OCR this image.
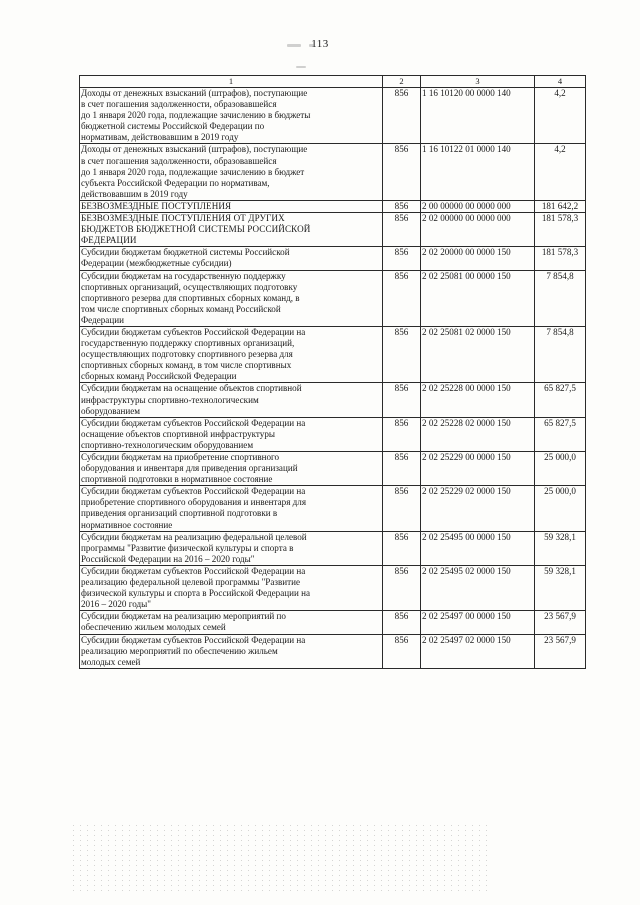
113
1	2	3	4
Доходы от денежных взысканий (штрафов), поступающие
в счет погашения задолженности, образовавшейся
до 1 января 2020 года, подлежащие зачислению в бюджеты
бюджетной системы Российской Федерации по
нормативам, действовавшим в 2019 году	856	1 16 10120 00 0000 140	4,2
Доходы от денежных взысканий (штрафов), поступающие
в счет погашения задолженности, образовавшейся
до 1 января 2020 года, подлежащие зачислению в бюджет
субъекта Российской Федерации по нормативам,
действовавшим в 2019 году	856	1 16 10122 01 0000 140	4,2
БЕЗВОЗМЕЗДНЫЕ ПОСТУПЛЕНИЯ	856	2 00 00000 00 0000 000	181 642,2
БЕЗВОЗМЕЗДНЫЕ ПОСТУПЛЕНИЯ ОТ ДРУГИХ
БЮДЖЕТОВ БЮДЖЕТНОЙ СИСТЕМЫ РОССИЙСКОЙ
ФЕДЕРАЦИИ	856	2 02 00000 00 0000 000	181 578,3
Субсидии бюджетам бюджетной системы Российской
Федерации (межбюджетные субсидии)	856	2 02 20000 00 0000 150	181 578,3
Субсидии бюджетам на государственную поддержку
спортивных организаций, осуществляющих подготовку
спортивного резерва для спортивных сборных команд, в
том числе спортивных сборных команд Российской
Федерации	856	2 02 25081 00 0000 150	7 854,8
Субсидии бюджетам субъектов Российской Федерации на
государственную поддержку спортивных организаций,
осуществляющих подготовку спортивного резерва для
спортивных сборных команд, в том числе спортивных
сборных команд Российской Федерации	856	2 02 25081 02 0000 150	7 854,8
Субсидии бюджетам на оснащение объектов спортивной
инфраструктуры спортивно-технологическим
оборудованием	856	2 02 25228 00 0000 150	65 827,5
Субсидии бюджетам субъектов Российской Федерации на
оснащение объектов спортивной инфраструктуры
спортивно-технологическим оборудованием	856	2 02 25228 02 0000 150	65 827,5
Субсидии бюджетам на приобретение спортивного
оборудования и инвентаря для приведения организаций
спортивной подготовки в нормативное состояние	856	2 02 25229 00 0000 150	25 000,0
Субсидии бюджетам субъектов Российской Федерации на
приобретение спортивного оборудования и инвентаря для
приведения организаций спортивной подготовки в
нормативное состояние	856	2 02 25229 02 0000 150	25 000,0
Субсидии бюджетам на реализацию федеральной целевой
программы "Развитие физической культуры и спорта в
Российской Федерации на 2016 – 2020 годы"	856	2 02 25495 00 0000 150	59 328,1
Субсидии бюджетам субъектов Российской Федерации на
реализацию федеральной целевой программы "Развитие
физической культуры и спорта в Российской Федерации на
2016 – 2020 годы"	856	2 02 25495 02 0000 150	59 328,1
Субсидии бюджетам на реализацию мероприятий по
обеспечению жильем молодых семей	856	2 02 25497 00 0000 150	23 567,9
Субсидии бюджетам субъектов Российской Федерации на
реализацию мероприятий по обеспечению жильем
молодых семей	856	2 02 25497 02 0000 150	23 567,9
